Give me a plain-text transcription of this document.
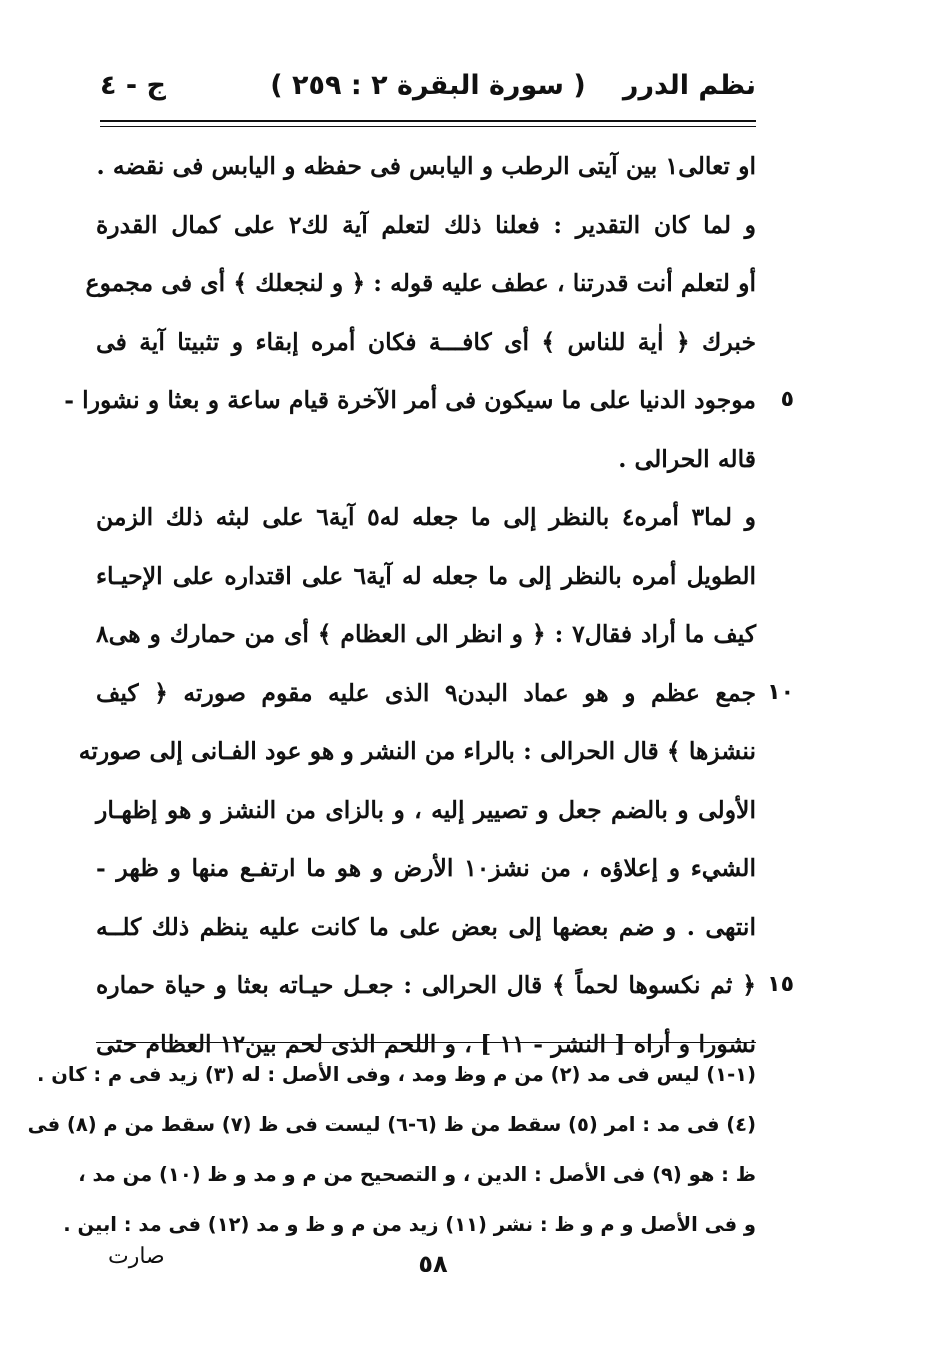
نظم الدرر
( سورة البقرة ٢ : ٢٥٩ )
ج - ٤
او تعالى١ بين آيتى الرطب و اليابس فى حفظه و اليابس فى نقضه .
و لما كان التقدير : فعلنا ذلك لتعلم آية لك٢ على كمال القدرة
أو لتعلم أنت قدرتنا ، عطف عليه قوله : ﴿ و لنجعلك ﴾ أى فى مجموع
خبرك ﴿ اٰية للناس ﴾ أى كافـــة فكان أمره إبقاء و تثبيتا آية فى
موجود الدنيا على ما سيكون فى أمر الآخرة قيام ساعة و بعثا و نشورا -	٥
قاله الحرالى .
و لما٣ أمره٤ بالنظر إلى ما جعله له٥ آية٦ على لبثه ذلك الزمن
الطويل أمره بالنظر إلى ما جعله له آية٦ على اقتداره على الإحيـاء
كيف ما أراد فقال٧ : ﴿ و انظر الى العظام ﴾ أى من حمارك و هى٨
جمع عظم و هو عماد البدن٩ الذى عليه مقوم صورته ﴿ كيف ١٠
ننشزها ﴾ قال الحرالى : بالراء من النشر و هو عود الفـانى إلى صورته
الأولى و بالضم جعل و تصيير إليه ، و بالزاى من النشز و هو إظهـار
الشيء و إعلاؤه ، من نشز١٠ الأرض و هو ما ارتفـع منها و ظهر -
انتهى . و ضم بعضها إلى بعض على ما كانت عليه ينظم ذلك كلــه
﴿ ثم نكسوها لحماً ﴾ قال الحرالى : جعـل حيـاته بعثا و حياة حماره ١٥
نشورا و أراه [ النشر - ١١ ] ، و اللحم الذى لحم بين١٢ العظام حتى
(١-١) ليس فى مد (٢) من م وظ ومد ، وفى الأصل : له (٣) زيد فى م : كان .
(٤) فى مد : امر (٥) سقط من ظ (٦-٦) ليست فى ظ (٧) سقط من م (٨) فى
ظ : هو (٩) فى الأصل : الدين ، و التصحيح من م و مد و ظ (١٠) من مد ،
و فى الأصل و م و ظ : نشر (١١) زيد من م و ظ و مد (١٢) فى مد : ابين .
٥٨
صارت
